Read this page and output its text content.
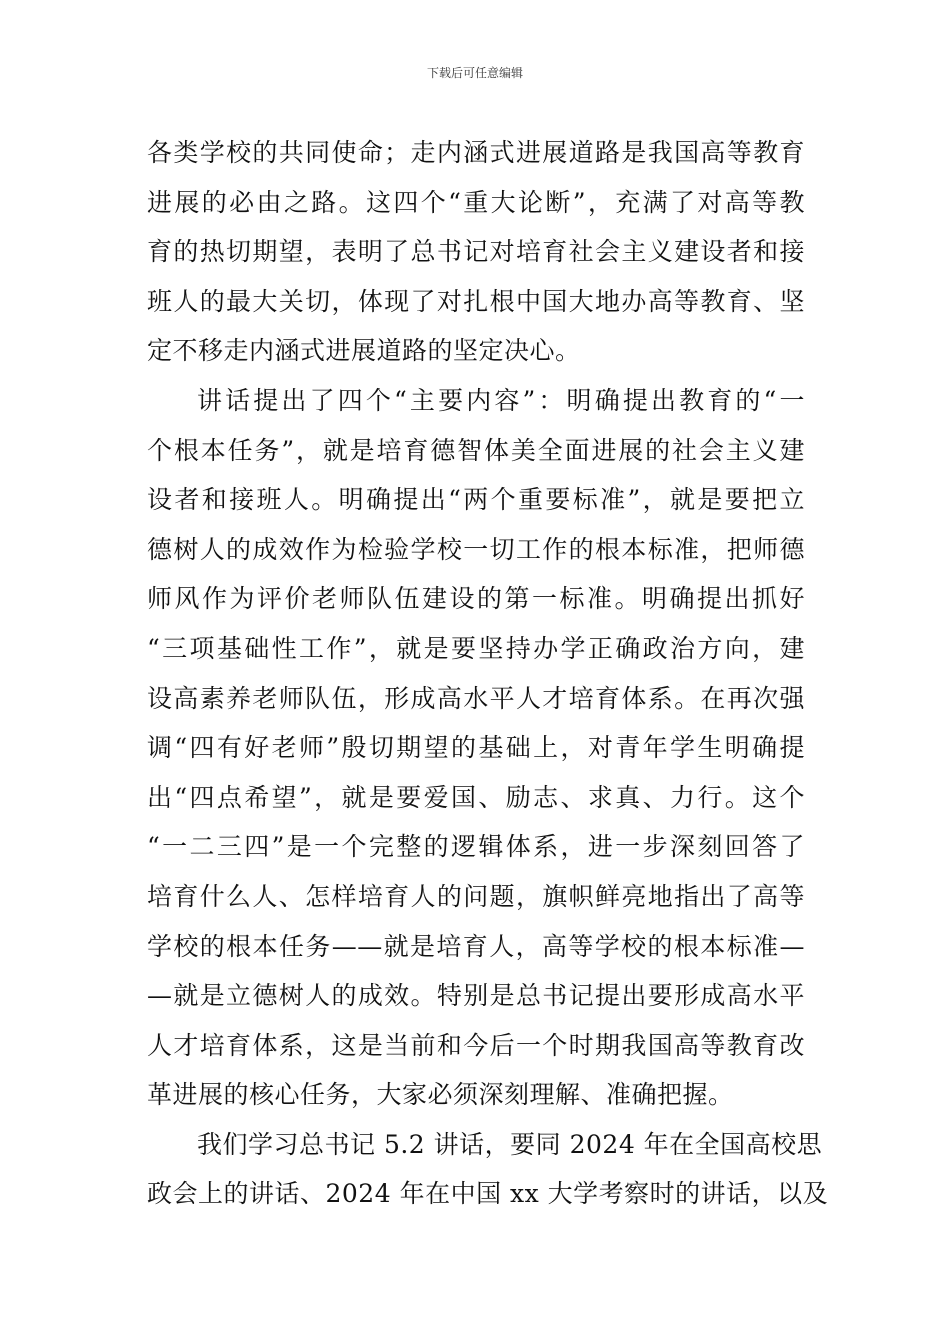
下载后可任意编辑
各类学校的共同使命；走内涵式进展道路是我国高等教育
进展的必由之路。这四个“重大论断”，充满了对高等教
育的热切期望，表明了总书记对培育社会主义建设者和接
班人的最大关切，体现了对扎根中国大地办高等教育、坚
定不移走内涵式进展道路的坚定决心。
讲话提出了四个“主要内容”：明确提出教育的“一
个根本任务”，就是培育德智体美全面进展的社会主义建
设者和接班人。明确提出“两个重要标准”，就是要把立
德树人的成效作为检验学校一切工作的根本标准，把师德
师风作为评价老师队伍建设的第一标准。明确提出抓好
“三项基础性工作”，就是要坚持办学正确政治方向，建
设高素养老师队伍，形成高水平人才培育体系。在再次强
调“四有好老师”殷切期望的基础上，对青年学生明确提
出“四点希望”，就是要爱国、励志、求真、力行。这个
“一二三四”是一个完整的逻辑体系，进一步深刻回答了
培育什么人、怎样培育人的问题，旗帜鲜亮地指出了高等
学校的根本任务——就是培育人，高等学校的根本标准—
—就是立德树人的成效。特别是总书记提出要形成高水平
人才培育体系，这是当前和今后一个时期我国高等教育改
革进展的核心任务，大家必须深刻理解、准确把握。
我们学习总书记 5.2 讲话，要同 2024 年在全国高校思
政会上的讲话、2024 年在中国 xx 大学考察时的讲话，以及
